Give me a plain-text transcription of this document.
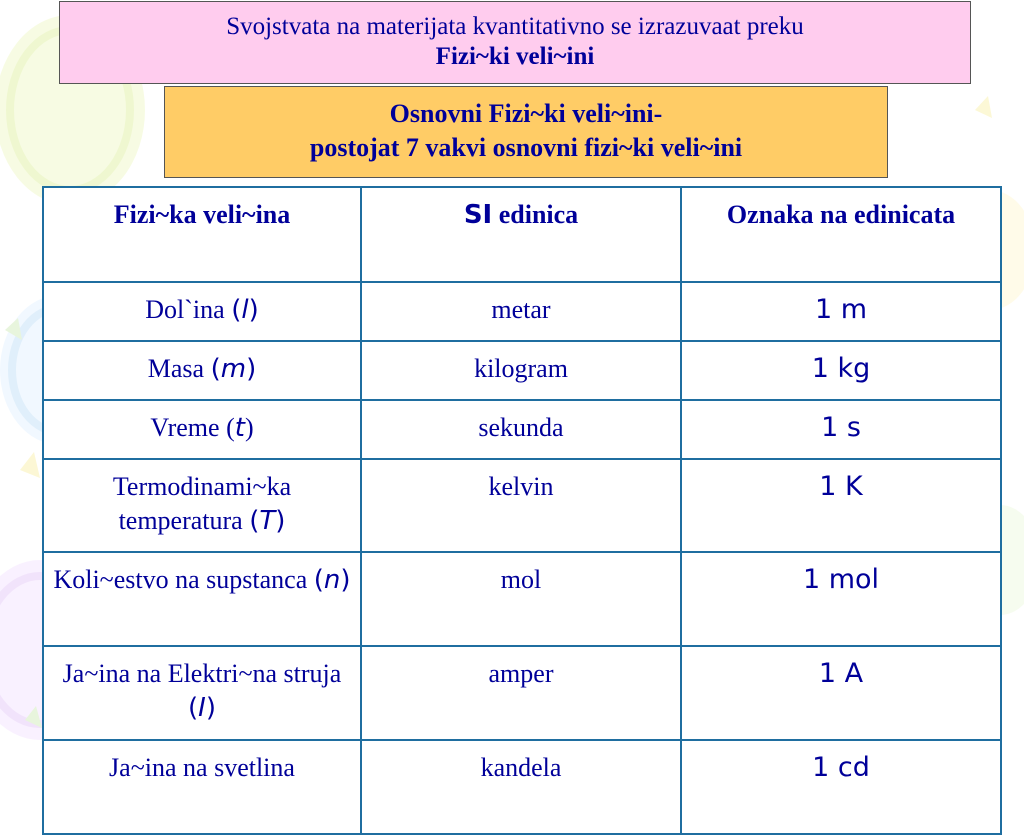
Svojstvata na materijata kvantitativno se izrazuvaat preku
Fizi~ki veli~ini
Osnovni Fizi~ki veli~ini-
postojat 7 vakvi osnovni fizi~ki veli~ini
Fizi~ka veli~ina	SI edinica	Oznaka na edinicata
Dol`ina (l)	metar	1 m
Masa (m)	kilogram	1 kg
Vreme (t)	sekunda	1 s
Termodinami~ka temperatura (T)	kelvin	1 K
Koli~estvo na supstanca (n)	mol	1 mol
Ja~ina na Elektri~na struja (I)	amper	1 A
Ja~ina na svetlina	kandela	1 cd
